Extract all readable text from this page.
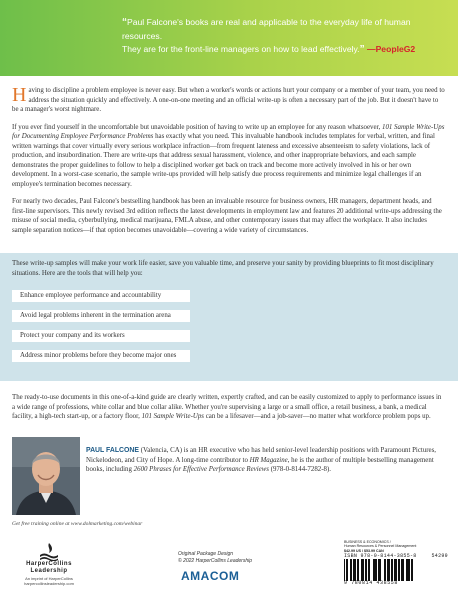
“Paul Falcone's books are real and applicable to the everyday life of human resources.
They are for the front-line managers on how to lead effectively.” —PeopleG2

Having to discipline a problem employee is never easy. But when a worker's words or actions hurt your company or a member of your team, you need to address the situation quickly and effectively. A one-on-one meeting and an official write-up is often a necessary part of the job. But it doesn't have to be a manager's worst nightmare.

If you ever find yourself in the uncomfortable but unavoidable position of having to write up an employee for any reason whatsoever, 101 Sample Write-Ups for Documenting Employee Performance Problems has exactly what you need. This invaluable handbook includes templates for verbal, written, and final written warnings that cover virtually every serious workplace infraction—from frequent lateness and excessive absenteeism to safety violations, lack of production, and insubordination. There are write-ups that address sexual harassment, violence, and other inappropriate behaviors, and each sample demonstrates the proper guidelines to follow to help a disciplined worker get back on track and become more actively involved in his or her own development. In a worst-case scenario, the sample write-ups provided will help satisfy due process requirements and minimize legal challenges if an employee's termination becomes necessary.

For nearly two decades, Paul Falcone's bestselling handbook has been an invaluable resource for business owners, HR managers, department heads, and first-line supervisors. This newly revised 3rd edition reflects the latest developments in employment law and features 20 additional write-ups addressing the misuse of social media, cyberbullying, medical marijuana, FMLA abuse, and other contemporary issues that may affect the workplace. It also includes sample separation notices—if that option becomes unavoidable—covering a wide variety of circumstances.

These write-up samples will make your work life easier, save you valuable time, and preserve your sanity by providing blueprints to fit most disciplinary situations. Here are the tools that will help you:
Enhance employee performance and accountability
Avoid legal problems inherent in the termination arena
Protect your company and its workers
Address minor problems before they become major ones
The ready-to-use documents in this one-of-a-kind guide are clearly written, expertly crafted, and can be easily customized to apply to performance issues in a wide range of professions, white collar and blue collar alike. Whether you're supervising a large or a small office, a retail business, a bank, a medical facility, a high-tech start-up, or a factory floor, 101 Sample Write-Ups can be a lifesaver—and a job-saver—no matter what workforce problem pops up.
PAUL FALCONE (Valencia, CA) is an HR executive who has held senior-level leadership positions with Paramount Pictures, Nickelodeon, and City of Hope. A long-time contributor to HR Magazine, he is the author of multiple bestselling management books, including 2600 Phrases for Effective Performance Reviews (978-0-8144-7282-8).
Get free training online at www.dolmarketing.com/webinar
HarperCollins
Leadership
An imprint of HarperCollins
harpercollinsleadership.com
Original Package Design
© 2022 HarperCollins Leadership
AMACOM
BUSINESS & ECONOMICS /
Human Resources & Personnel Management
$42.99 US / $53.99 CAN
ISBN 978-0-8144-3855-8	54299
9 780814 438558
